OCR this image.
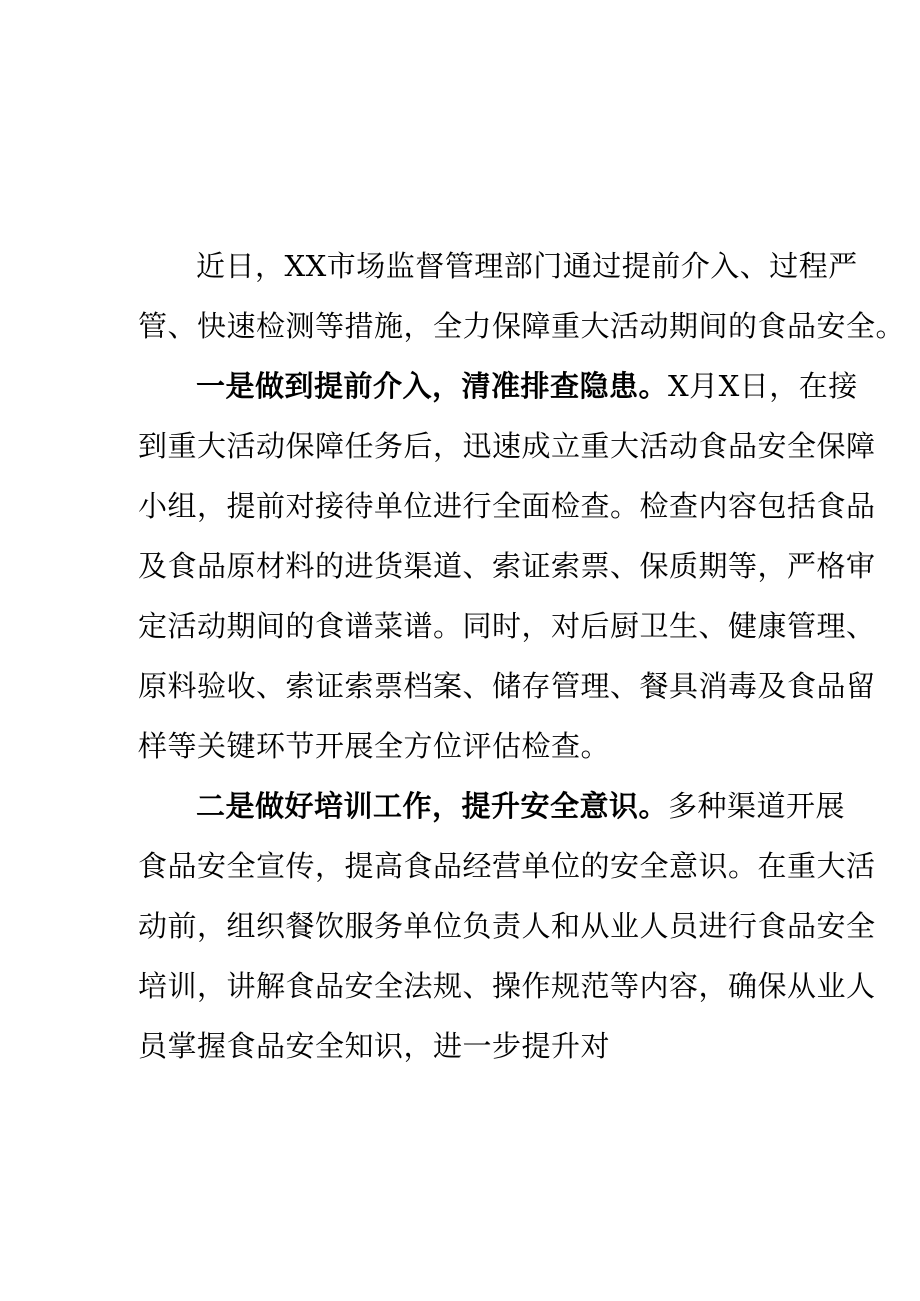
近日，XX市场监督管理部门通过提前介入、过程严
管、快速检测等措施，全力保障重大活动期间的食品安全。
一是做到提前介入，清准排查隐患。X月X日，在接
到重大活动保障任务后，迅速成立重大活动食品安全保障
小组，提前对接待单位进行全面检查。检查内容包括食品
及食品原材料的进货渠道、索证索票、保质期等，严格审
定活动期间的食谱菜谱。同时，对后厨卫生、健康管理、
原料验收、索证索票档案、储存管理、餐具消毒及食品留
样等关键环节开展全方位评估检查。
二是做好培训工作，提升安全意识。多种渠道开展
食品安全宣传，提高食品经营单位的安全意识。在重大活
动前，组织餐饮服务单位负责人和从业人员进行食品安全
培训，讲解食品安全法规、操作规范等内容，确保从业人
员掌握食品安全知识，进一步提升对
